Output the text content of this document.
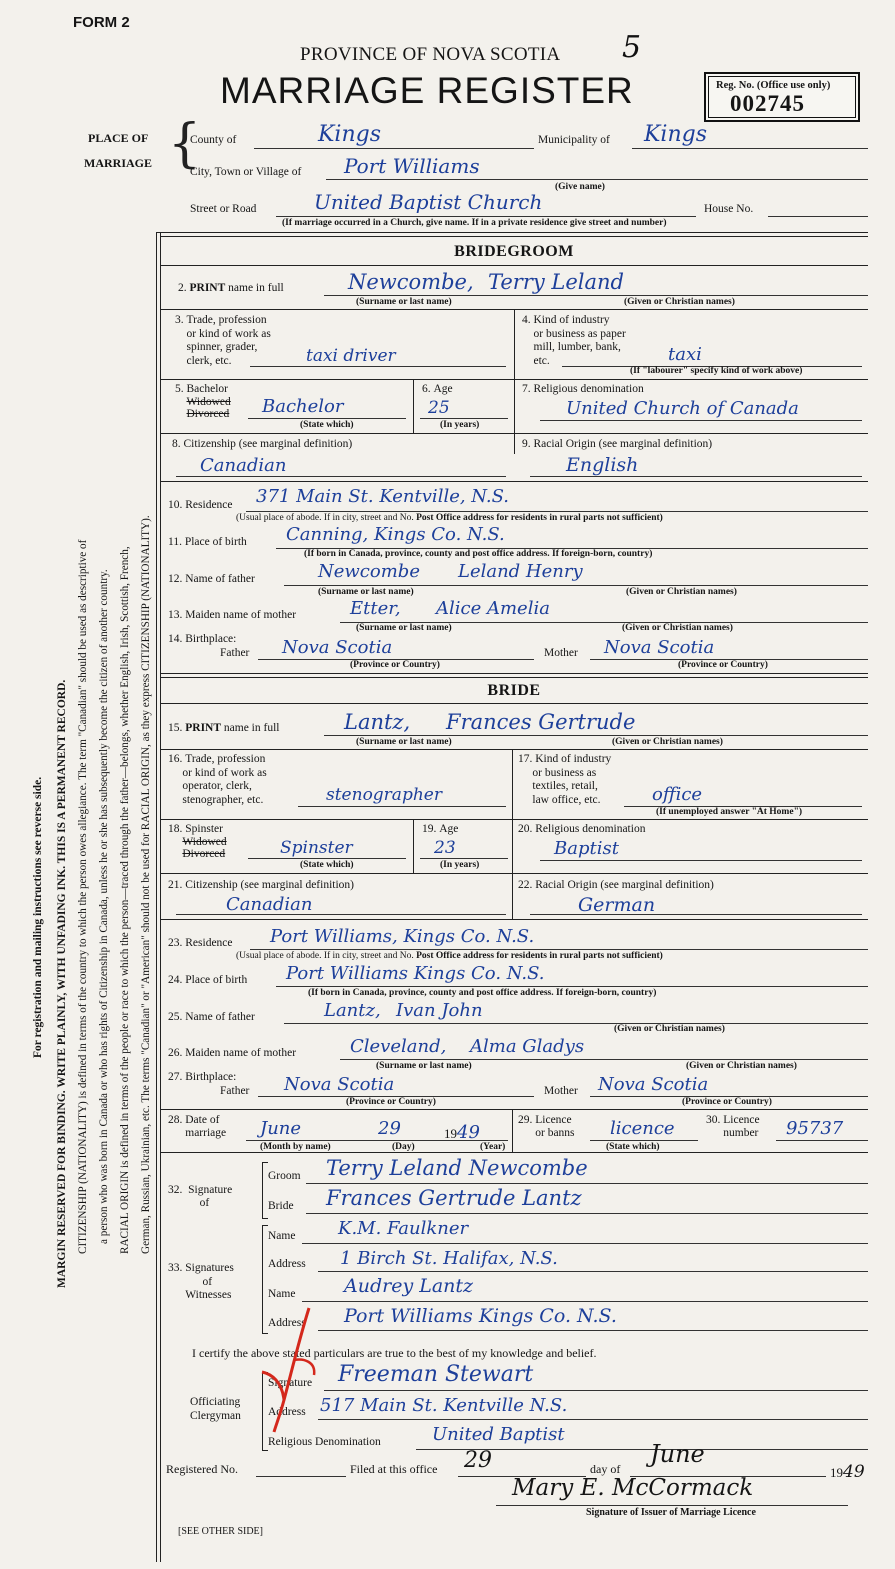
FORM 2
PROVINCE OF NOVA SCOTIA 5
MARRIAGE REGISTER	Reg. No. (Office use only)
002745
PLACE OF
MARRIAGE {
County of	Kings	Municipality of Kings
City, Town or Village of Port Williams
(Give name)
Street or Road	United Baptist Church	House No.
(If marriage occurred in a Church, give name. If in a private residence give street and number)
For registration and mailing instructions see reverse side. MARGIN RESERVED FOR BINDING. WRITE PLAINLY, WITH UNFADING INK. THIS IS A PERMANENT RECORD. CITIZENSHIP (NATIONALITY) is defined in terms of the country to which the person owes allegiance. The term "Canadian" should be used as descriptive of a person who was born in Canada or who has rights of Citizenship in Canada, unless he or she has subsequently become the citizen of another country. RACIAL ORIGIN is defined in terms of the people or race to which the person—traced through the father—belongs, whether English, Irish, Scottish, French, German, Russian, Ukrainian, etc. The terms "Canadian" or "American" should not be used for RACIAL ORIGIN, as they express CITIZENSHIP (NATIONALITY).
BRIDEGROOM
2. PRINT name in full	Newcombe, Terry Leland
(Surname or last name)	(Given or Christian names)
3. Trade, profession
or kind of work as
spinner, grader,
clerk, etc.	taxi driver
4. Kind of industry
or business as paper
mill, lumber, bank,
etc.	taxi
(If "labourer" specify kind of work above)
5. Bachelor
Widowed
Divorced Bachelor
(State which)
6. Age
25
(In years)
7. Religious denomination
United Church of Canada
8. Citizenship (see marginal definition)
Canadian
9. Racial Origin (see marginal definition)
English
10. Residence 371 Main St. Kentville, N.S.
(Usual place of abode. If in city, street and No. Post Office address for residents in rural parts not sufficient)
11. Place of birth Canning, Kings Co. N.S.
(If born in Canada, province, county and post office address. If foreign-born, country)
12. Name of father	Newcombe Leland Henry
(Surname or last name)	(Given or Christian names)
13. Maiden name of mother	Etter, Alice Amelia
(Surname or last name)	(Given or Christian names)
14. Birthplace:
Father Nova Scotia
(Province or Country)
Mother Nova Scotia
(Province or Country)
BRIDE
15. PRINT name in full	Lantz, Frances Gertrude
(Surname or last name)	(Given or Christian names)
16. Trade, profession
or kind of work as
operator, clerk,
stenographer, etc.	stenographer
17. Kind of industry
or business as
textiles, retail,
law office, etc.	office
(If unemployed answer "At Home")
18. Spinster
Widowed
Divorced	Spinster
(State which)
19. Age
23
(In years)
20. Religious denomination
Baptist
21. Citizenship (see marginal definition)
Canadian
22. Racial Origin (see marginal definition)
German
23. Residence Port Williams, Kings Co. N.S.
(Usual place of abode. If in city, street and No. Post Office address for residents in rural parts not sufficient)
24. Place of birth Port Williams Kings Co. N.S.
(If born in Canada, province, county and post office address. If foreign-born, country)
25. Name of father	Lantz, Ivan John
(Given or Christian names)
26. Maiden name of mother	Cleveland, Alma Gladys
(Surname or last name)	(Given or Christian names)
27. Birthplace:
Father Nova Scotia
(Province or Country)
Mother Nova Scotia
(Province or Country)
28. Date of
marriage June	29	1949
(Month by name)	(Day)	(Year)
29. Licence
or banns licence
(State which)
30. Licence
number 95737
32. Signature
of
Groom Terry Leland Newcombe
Bride Frances Gertrude Lantz
33. Signatures
of
Witnesses
Name K.M. Faulkner
Address 1 Birch St. Halifax, N.S.
Name	Audrey Lantz
Address Port Williams Kings Co. N.S.
I certify the above stated particulars are true to the best of my knowledge and belief.
Officiating
Clergyman
Signature Freeman Stewart
Address 517 Main St. Kentville N.S.
Religious Denomination	United Baptist
Registered No.	Filed at this office 29	day of
June
1949
Mary E. McCormack
Signature of Issuer of Marriage Licence
[SEE OTHER SIDE]
